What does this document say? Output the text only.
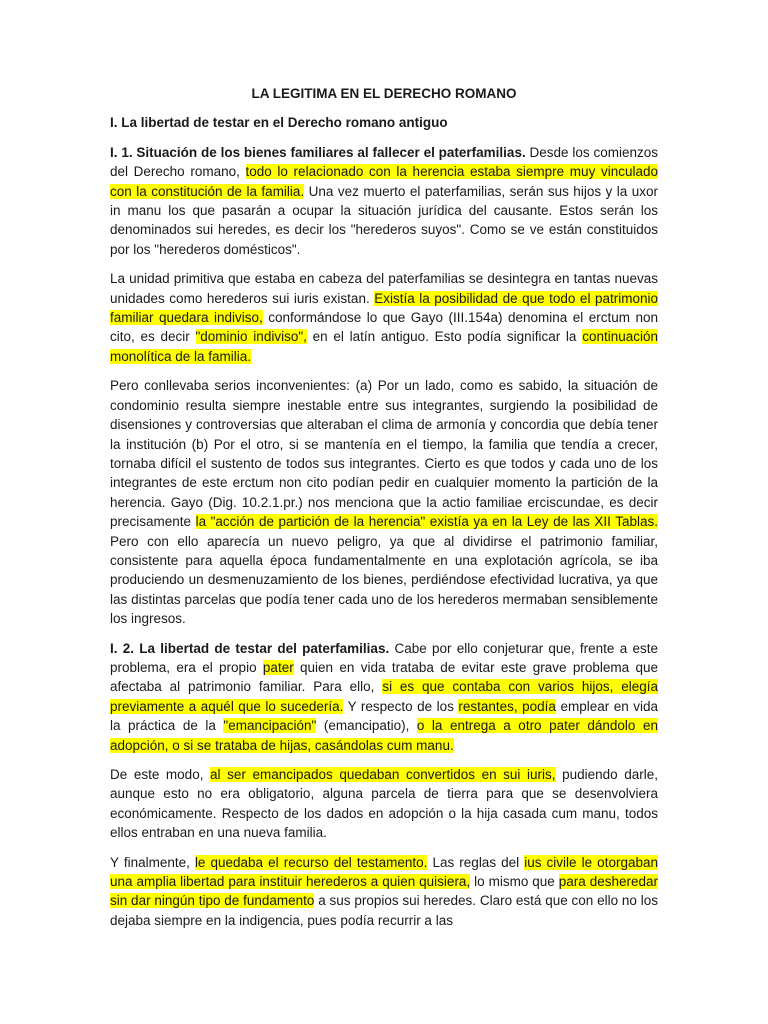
LA LEGITIMA EN EL DERECHO ROMANO

I. La libertad de testar en el Derecho romano antiguo

I. 1. Situación de los bienes familiares al fallecer el paterfamilias. Desde los comienzos del Derecho romano, todo lo relacionado con la herencia estaba siempre muy vinculado con la constitución de la familia. Una vez muerto el paterfamilias, serán sus hijos y la uxor in manu los que pasarán a ocupar la situación jurídica del causante. Estos serán los denominados sui heredes, es decir los "herederos suyos". Como se ve están constituidos por los "herederos domésticos".

La unidad primitiva que estaba en cabeza del paterfamilias se desintegra en tantas nuevas unidades como herederos sui iuris existan. Existía la posibilidad de que todo el patrimonio familiar quedara indiviso, conformándose lo que Gayo (III.154a) denomina el erctum non cito, es decir "dominio indiviso", en el latín antiguo. Esto podía significar la continuación monolítica de la familia.

Pero conllevaba serios inconvenientes: (a) Por un lado, como es sabido, la situación de condominio resulta siempre inestable entre sus integrantes, surgiendo la posibilidad de disensiones y controversias que alteraban el clima de armonía y concordia que debía tener la institución (b) Por el otro, si se mantenía en el tiempo, la familia que tendía a crecer, tornaba difícil el sustento de todos sus integrantes. Cierto es que todos y cada uno de los integrantes de este erctum non cito podían pedir en cualquier momento la partición de la herencia. Gayo (Dig. 10.2.1.pr.) nos menciona que la actio familiae erciscundae, es decir precisamente la "acción de partición de la herencia" existía ya en la Ley de las XII Tablas. Pero con ello aparecía un nuevo peligro, ya que al dividirse el patrimonio familiar, consistente para aquella época fundamentalmente en una explotación agrícola, se iba produciendo un desmenuzamiento de los bienes, perdiéndose efectividad lucrativa, ya que las distintas parcelas que podía tener cada uno de los herederos mermaban sensiblemente los ingresos.

I. 2. La libertad de testar del paterfamilias. Cabe por ello conjeturar que, frente a este problema, era el propio pater quien en vida trataba de evitar este grave problema que afectaba al patrimonio familiar. Para ello, si es que contaba con varios hijos, elegía previamente a aquél que lo sucedería. Y respecto de los restantes, podía emplear en vida la práctica de la "emancipación" (emancipatio), o la entrega a otro pater dándolo en adopción, o si se trataba de hijas, casándolas cum manu.

De este modo, al ser emancipados quedaban convertidos en sui iuris, pudiendo darle, aunque esto no era obligatorio, alguna parcela de tierra para que se desenvolviera económicamente. Respecto de los dados en adopción o la hija casada cum manu, todos ellos entraban en una nueva familia.

Y finalmente, le quedaba el recurso del testamento. Las reglas del ius civile le otorgaban una amplia libertad para instituir herederos a quien quisiera, lo mismo que para desheredar sin dar ningún tipo de fundamento a sus propios sui heredes. Claro está que con ello no los dejaba siempre en la indigencia, pues podía recurrir a las
